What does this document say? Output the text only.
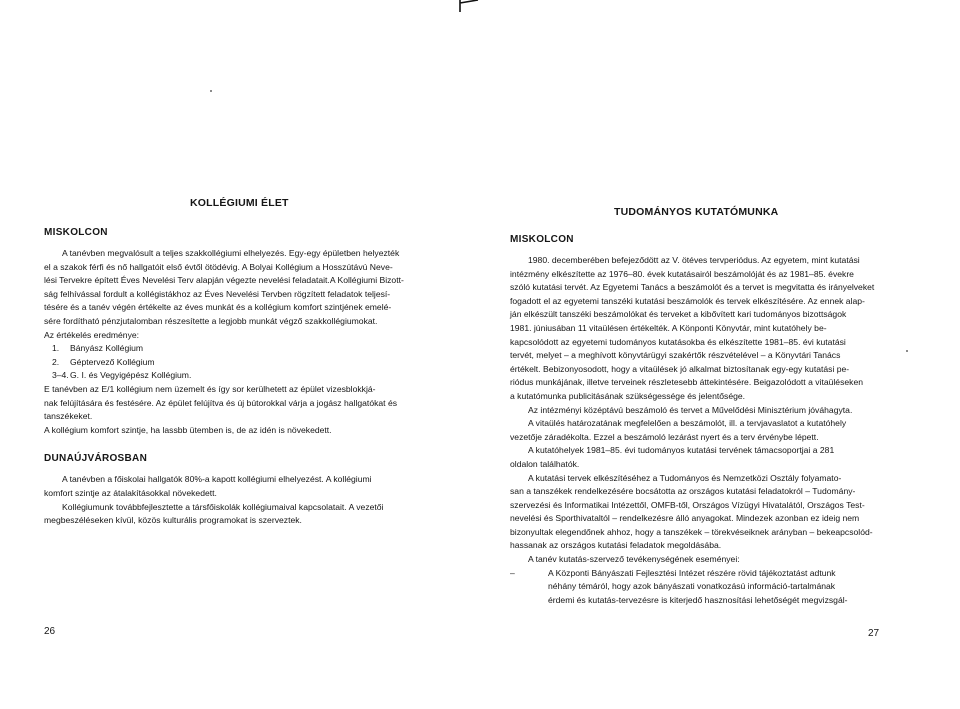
KOLLÉGIUMI ÉLET

MISKOLCON

A tanévben megvalósult a teljes szakkollégiumi elhelyezés. Egy-egy épületben helyezték
el a szakok férfi és nő hallgatóit első évtől ötödévig. A Bolyai Kollégium a Hosszútávú Neve-
lési Tervekre épített Éves Nevelési Terv alapján végezte nevelési feladatait.A Kollégiumi Bizott-
ság felhívással fordult a kollégistákhoz az Éves Nevelési Tervben rögzített feladatok teljesí-
tésére és a tanév végén értékelte az éves munkát és a kollégium komfort szintjének emelé-
sére fordítható pénzjutalomban részesítette a legjobb munkát végző szakkollégiumokat.

Az értékelés eredménye:

1. Bányász Kollégium

2. Géptervező Kollégium

3–4.G. I. és Vegyigépész Kollégium.

E tanévben az E/1 kollégium nem üzemelt és így sor kerülhetett az épület vizesblokkjá-
nak felújítására és festésére. Az épület felújítva és új bútorokkal várja a jogász hallgatókat és
tanszékeket.
A kollégium komfort szintje, ha lassbb ütemben is, de az idén is növekedett.

DUNAÚJVÁROSBAN

A tanévben a főiskolai hallgatók 80%-a kapott kollégiumi elhelyezést. A kollégiumi
komfort szintje az átalakításokkal növekedett.
Kollégiumunk továbbfejlesztette a társfőiskolák kollégiumaival kapcsolatait. A vezetői
megbeszéléseken kívül, közös kulturális programokat is szerveztek.
26

TUDOMÁNYOS KUTATÓMUNKA

MISKOLCON

1980. decemberében befejeződött az V. ötéves tervperiódus. Az egyetem, mint kutatási
intézmény elkészítette az 1976–80. évek kutatásairól beszámolóját és az 1981–85. évekre
szóló kutatási tervét. Az Egyetemi Tanács a beszámolót és a tervet is megvitatta és irányelveket
fogadott el az egyetemi tanszéki kutatási beszámolók és tervek elkészítésére. Az ennek alap-
ján elkészült tanszéki beszámolókat és terveket a kibővített kari tudományos bizottságok
1981. júniusában 11 vitaülésen értékelték. A Könponti Könyvtár, mint kutatóhely be-
kapcsolódott az egyetemi tudományos kutatásokba és elkészítette 1981–85. évi kutatási
tervét, melyet – a meghívott könyvtárügyi szakértők részvételével – a Könyvtári Tanács
értékelt. Bebizonyosodott, hogy a vitaülések jó alkalmat biztosítanak egy-egy kutatási pe-
riódus munkájának, illetve terveinek részletesebb áttekintésére. Beigazolódott a vitaüléseken
a kutatómunka publicitásának szükségessége és jelentősége.

Az intézményi középtávú beszámoló és tervet a Művelődési Minisztérium jóváhagyta.

A vitaülés határozatának megfelelően a beszámolót, ill. a tervjavaslatot a kutatóhely
vezetője záradékolta. Ezzel a beszámoló lezárást nyert és a terv érvénybe lépett.
A kutatóhelyek 1981–85. évi tudományos kutatási tervének támacsoportjai a 281
oldalon találhatók.
A kutatási tervek elkészítéséhez a Tudományos és Nemzetközi Osztály folyamato-
san a tanszékek rendelkezésére bocsátotta az országos kutatási feladatokról – Tudomány-
szervezési és Informatikai Intézettől, OMFB-től, Országos Vízügyi Hivatalától, Országos Test-
nevelési és Sporthivataltól – rendelkezésre álló anyagokat. Mindezek azonban ez ideig nem
bizonyultak elegendőnek ahhoz, hogy a tanszékek – törekvéseiknek arányban – bekeapcsolód-
hassanak az országos kutatási feladatok megoldásába.

A tanév kutatás-szervező tevékenységének eseményei:

–	A Központi Bányászati Fejlesztési Intézet részére rövid tájékoztatást adtunk
néhány témáról, hogy azok bányászati vonatkozású információ-tartalmának
érdemi és kutatás-tervezésre is kiterjedő hasznosítási lehetőségét megvizsgál-
27
